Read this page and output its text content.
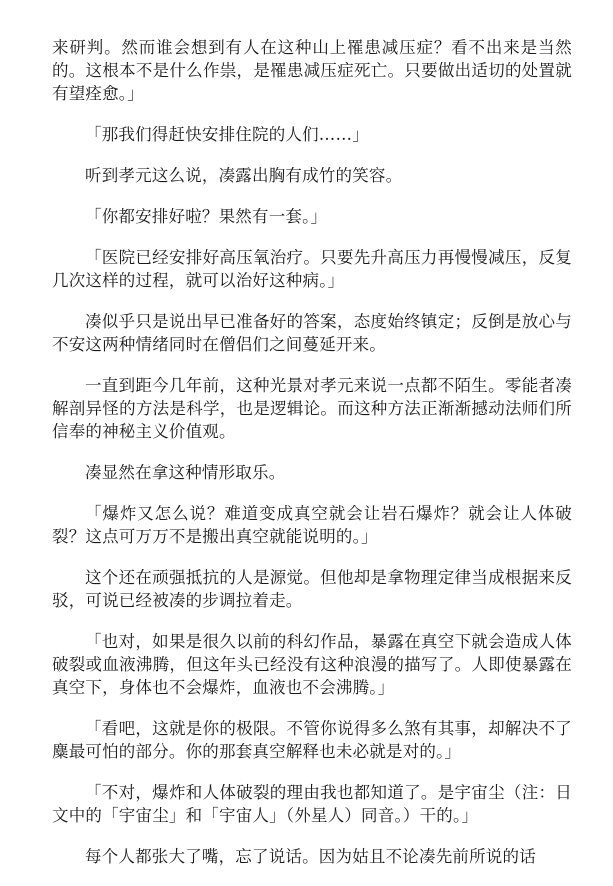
来研判。然而谁会想到有人在这种山上罹患减压症？看不出来是当然的。这根本不是什么作祟，是罹患减压症死亡。只要做出适切的处置就有望痊愈。」

「那我们得赶快安排住院的人们……」

听到孝元这么说，凑露出胸有成竹的笑容。

「你都安排好啦？果然有一套。」

「医院已经安排好高压氧治疗。只要先升高压力再慢慢减压，反复几次这样的过程，就可以治好这种病。」

凑似乎只是说出早已准备好的答案，态度始终镇定；反倒是放心与不安这两种情绪同时在僧侣们之间蔓延开来。

一直到距今几年前，这种光景对孝元来说一点都不陌生。零能者凑解剖异怪的方法是科学，也是逻辑论。而这种方法正渐渐撼动法师们所信奉的神秘主义价值观。

凑显然在拿这种情形取乐。

「爆炸又怎么说？难道变成真空就会让岩石爆炸？就会让人体破裂？这点可万万不是搬出真空就能说明的。」

这个还在顽强抵抗的人是源觉。但他却是拿物理定律当成根据来反驳，可说已经被凑的步调拉着走。

「也对，如果是很久以前的科幻作品，暴露在真空下就会造成人体破裂或血液沸腾，但这年头已经没有这种浪漫的描写了。人即使暴露在真空下，身体也不会爆炸，血液也不会沸腾。」

「看吧，这就是你的极限。不管你说得多么煞有其事，却解决不了麋最可怕的部分。你的那套真空解释也未必就是对的。」

「不对，爆炸和人体破裂的理由我也都知道了。是宇宙尘（注：日文中的「宇宙尘」和「宇宙人」（外星人）同音。）干的。」

每个人都张大了嘴，忘了说话。因为姑且不论凑先前所说的话
